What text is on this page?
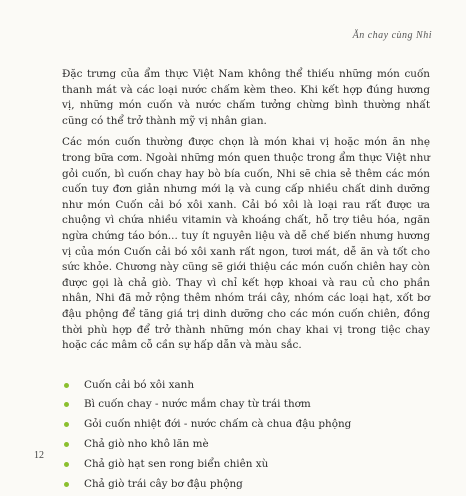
Ăn chay cùng Nhi

Đặc trưng của ẩm thực Việt Nam không thể thiếu những món cuốn thanh mát và các loại nước chấm kèm theo. Khi kết hợp đúng hương vị, những món cuốn và nước chấm tưởng chừng bình thường nhất cũng có thể trở thành mỹ vị nhân gian.

Các món cuốn thường được chọn là món khai vị hoặc món ăn nhẹ trong bữa cơm. Ngoài những món quen thuộc trong ẩm thực Việt như gỏi cuốn, bì cuốn chay hay bò bía cuốn, Nhi sẽ chia sẻ thêm các món cuốn tuy đơn giản nhưng mới lạ và cung cấp nhiều chất dinh dưỡng như món Cuốn cải bó xôi xanh. Cải bó xôi là loại rau rất được ưa chuộng vì chứa nhiều vitamin và khoáng chất, hỗ trợ tiêu hóa, ngăn ngừa chứng táo bón... tuy ít nguyên liệu và dễ chế biến nhưng hương vị của món Cuốn cải bó xôi xanh rất ngon, tươi mát, dễ ăn và tốt cho sức khỏe. Chương này cũng sẽ giới thiệu các món cuốn chiên hay còn được gọi là chả giò. Thay vì chỉ kết hợp khoai và rau củ cho phần nhân, Nhi đã mở rộng thêm nhóm trái cây, nhóm các loại hạt, xốt bơ đậu phộng để tăng giá trị dinh dưỡng cho các món cuốn chiên, đồng thời phù hợp để trở thành những món chay khai vị trong tiệc chay hoặc các mâm cỗ cần sự hấp dẫn và màu sắc.

Cuốn cải bó xôi xanh
Bì cuốn chay - nước mắm chay từ trái thơm
Gỏi cuốn nhiệt đới - nước chấm cà chua đậu phộng
Chả giò nho khô lăn mè
Chả giò hạt sen rong biển chiên xù
Chả giò trái cây bơ đậu phộng
12
